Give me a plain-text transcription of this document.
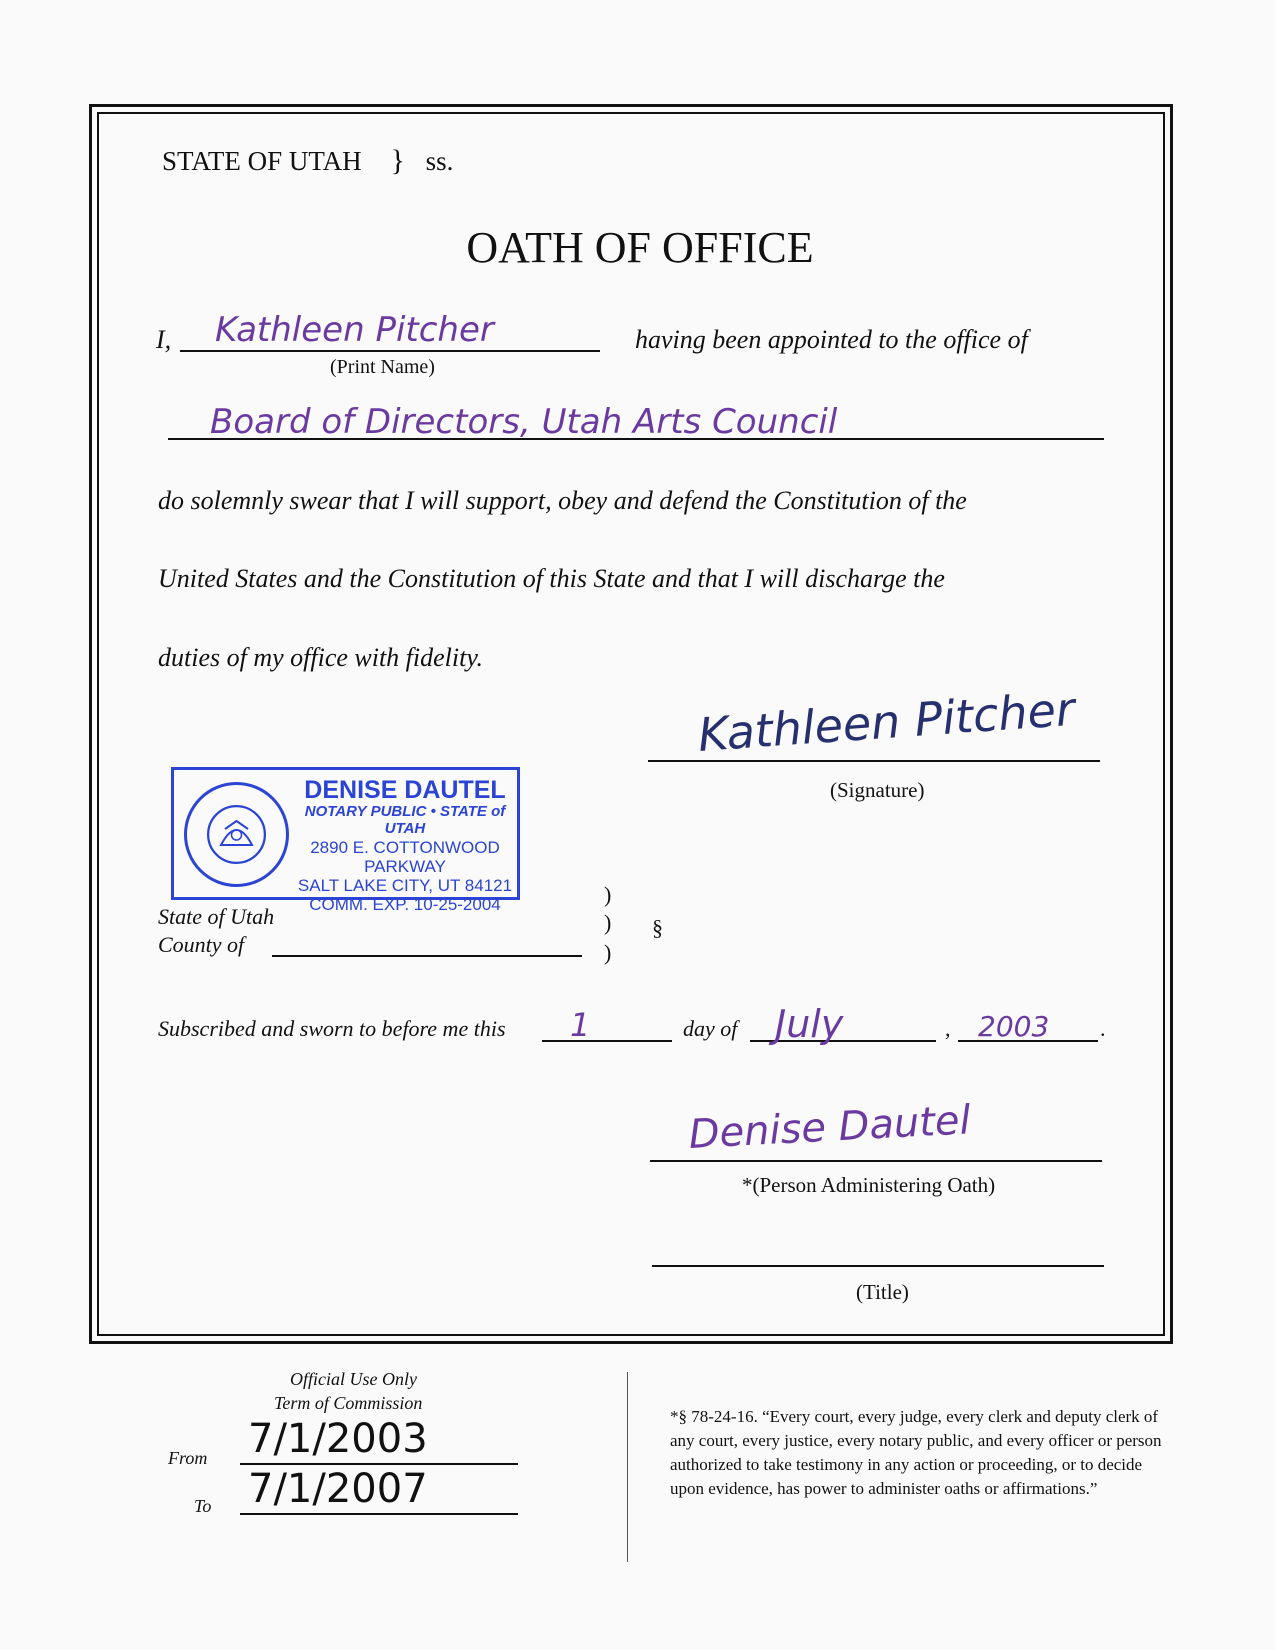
STATE OF UTAH } ss.
OATH OF OFFICE
I, Kathleen Pitcher
(Print Name)
having been appointed to the office of
Board of Directors, Utah Arts Council
do solemnly swear that I will support, obey and defend the Constitution of the
United States and the Constitution of this State and that I will discharge the
duties of my office with fidelity.
Kathleen Pitcher
(Signature)
DENISE DAUTEL
NOTARY PUBLIC • STATE of UTAH
2890 E. COTTONWOOD PARKWAY
SALT LAKE CITY, UT 84121
COMM. EXP. 10-25-2004
State of Utah
County of
)
)
)
§
Subscribed and sworn to before me this 1	day of July	, 2003 .
Denise Dautel
*(Person Administering Oath)
(Title)
Official Use Only
Term of Commission
From 7/1/2003
To 7/1/2007
*§ 78-24-16. “Every court, every judge, every clerk and deputy clerk of any court, every justice, every notary public, and every officer or person authorized to take testimony in any action or proceeding, or to decide upon evidence, has power to administer oaths or affirmations.”
